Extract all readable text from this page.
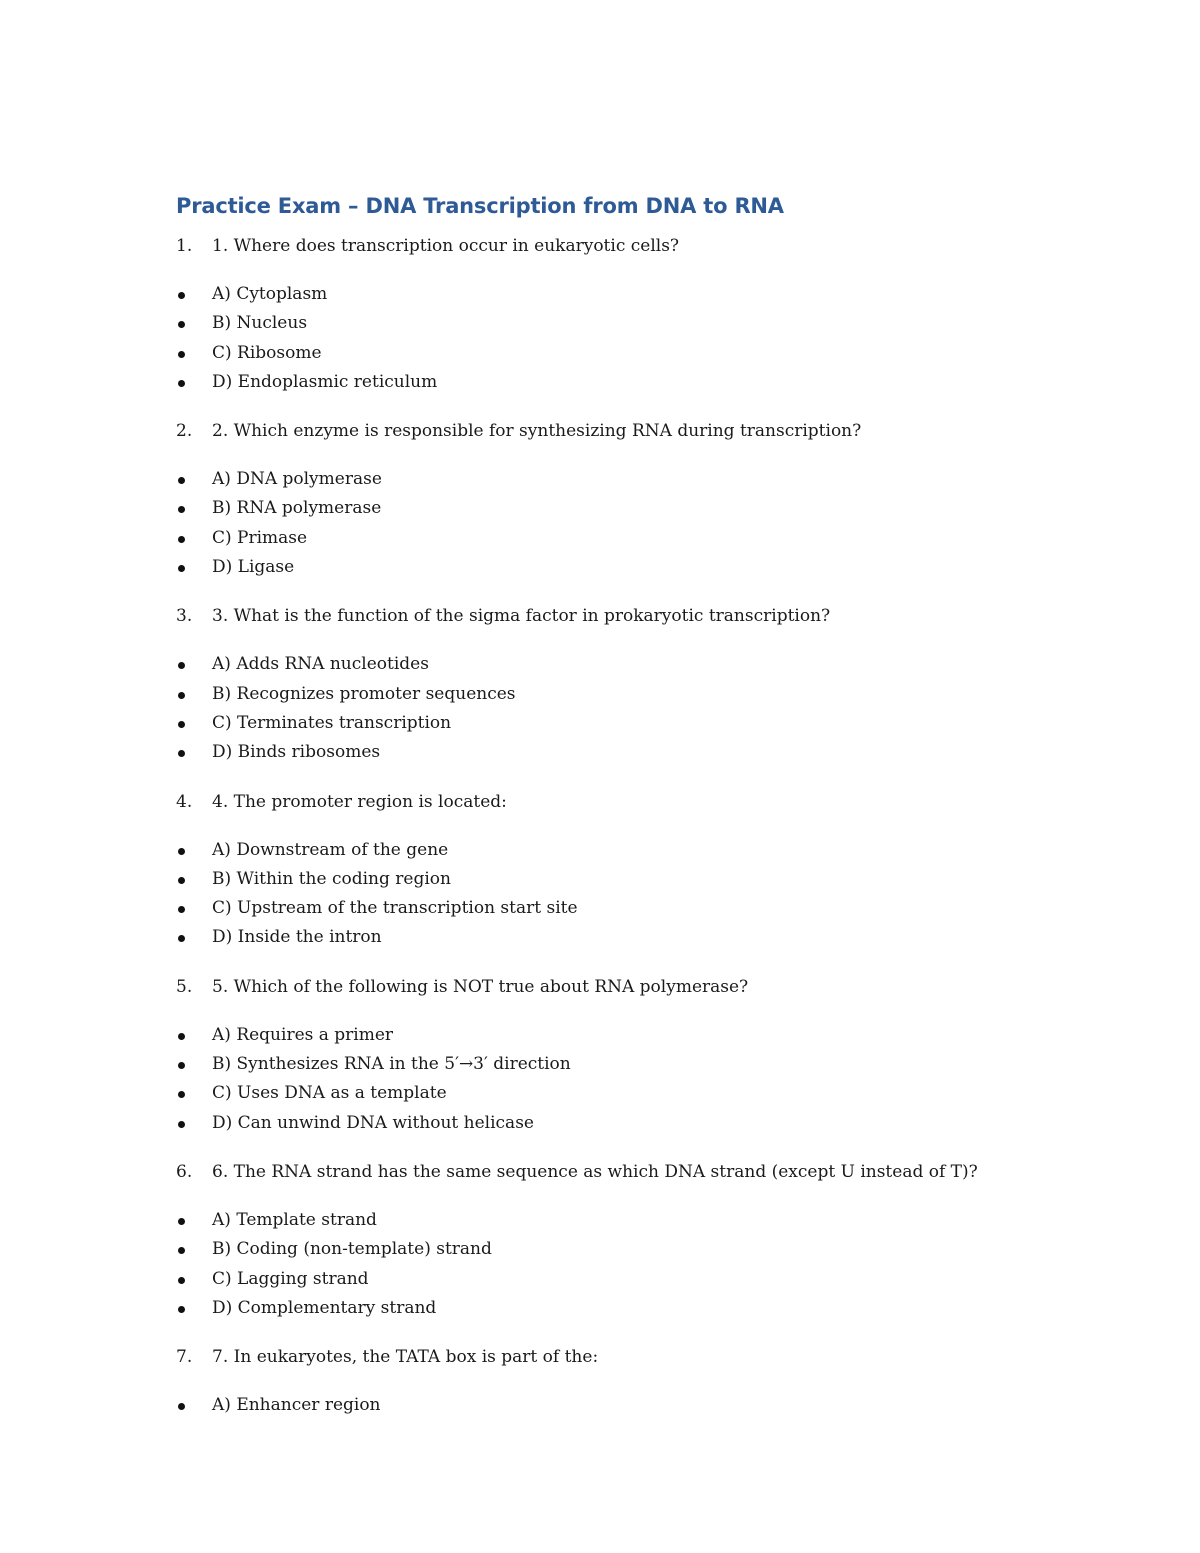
Practice Exam – DNA Transcription from DNA to RNA
1. 1. Where does transcription occur in eukaryotic cells?
A) Cytoplasm
B) Nucleus
C) Ribosome
D) Endoplasmic reticulum
2. 2. Which enzyme is responsible for synthesizing RNA during transcription?
A) DNA polymerase
B) RNA polymerase
C) Primase
D) Ligase
3. 3. What is the function of the sigma factor in prokaryotic transcription?
A) Adds RNA nucleotides
B) Recognizes promoter sequences
C) Terminates transcription
D) Binds ribosomes
4. 4. The promoter region is located:
A) Downstream of the gene
B) Within the coding region
C) Upstream of the transcription start site
D) Inside the intron
5. 5. Which of the following is NOT true about RNA polymerase?
A) Requires a primer
B) Synthesizes RNA in the 5′→3′ direction
C) Uses DNA as a template
D) Can unwind DNA without helicase
6. 6. The RNA strand has the same sequence as which DNA strand (except U instead of T)?
A) Template strand
B) Coding (non-template) strand
C) Lagging strand
D) Complementary strand
7. 7. In eukaryotes, the TATA box is part of the:
A) Enhancer region
